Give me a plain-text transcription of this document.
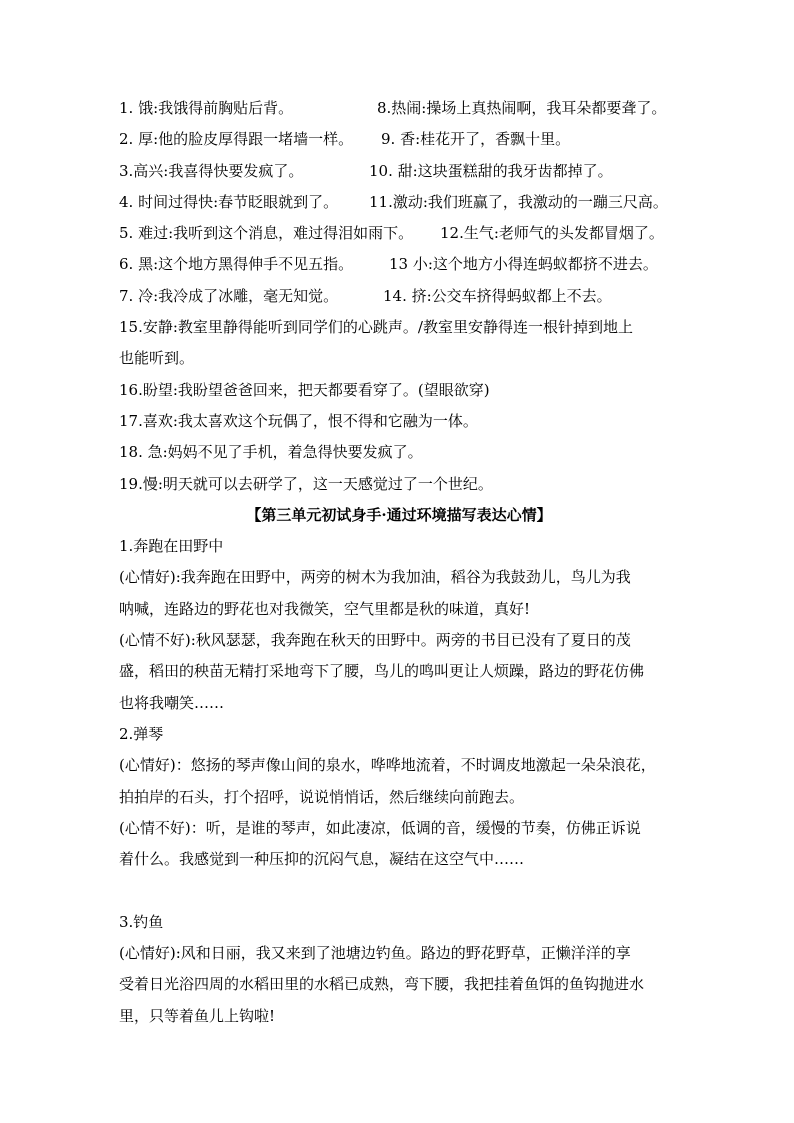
1. 饿:我饿得前胸贴后背。	8.热闹:操场上真热闹啊，我耳朵都要聋了。
2. 厚:他的脸皮厚得跟一堵墙一样。	9. 香:桂花开了，香飘十里。
3.高兴:我喜得快要发疯了。	10. 甜:这块蛋糕甜的我牙齿都掉了。
4. 时间过得快:春节眨眼就到了。	11.激动:我们班赢了，我激动的一蹦三尺高。
5. 难过:我听到这个消息，难过得泪如雨下。	12.生气:老师气的头发都冒烟了。
6. 黑:这个地方黑得伸手不见五指。	13 小:这个地方小得连蚂蚁都挤不进去。
7. 冷:我冷成了冰雕，毫无知觉。	14. 挤:公交车挤得蚂蚁都上不去。
15.安静:教室里静得能听到同学们的心跳声。/教室里安静得连一根针掉到地上
也能听到。
16.盼望:我盼望爸爸回来，把天都要看穿了。(望眼欲穿)
17.喜欢:我太喜欢这个玩偶了，恨不得和它融为一体。
18. 急:妈妈不见了手机，着急得快要发疯了。
19.慢:明天就可以去研学了，这一天感觉过了一个世纪。
【第三单元初试身手·通过环境描写表达心情】
1.奔跑在田野中
(心情好):我奔跑在田野中，两旁的树木为我加油，稻谷为我鼓劲儿，鸟儿为我
呐喊，连路边的野花也对我微笑，空气里都是秋的味道，真好!
(心情不好):秋风瑟瑟，我奔跑在秋天的田野中。两旁的书目已没有了夏日的茂
盛，稻田的秧苗无精打采地弯下了腰，鸟儿的鸣叫更让人烦躁，路边的野花仿佛
也将我嘲笑……
2.弹琴
(心情好)：悠扬的琴声像山间的泉水，哗哗地流着，不时调皮地激起一朵朵浪花，
拍拍岸的石头，打个招呼，说说悄悄话，然后继续向前跑去。
(心情不好)：听，是谁的琴声，如此凄凉，低调的音，缓慢的节奏，仿佛正诉说
着什么。我感觉到一种压抑的沉闷气息，凝结在这空气中……
3.钓鱼
(心情好):风和日丽，我又来到了池塘边钓鱼。路边的野花野草，正懒洋洋的享
受着日光浴四周的水稻田里的水稻已成熟，弯下腰，我把挂着鱼饵的鱼钩抛进水
里，只等着鱼儿上钩啦!
